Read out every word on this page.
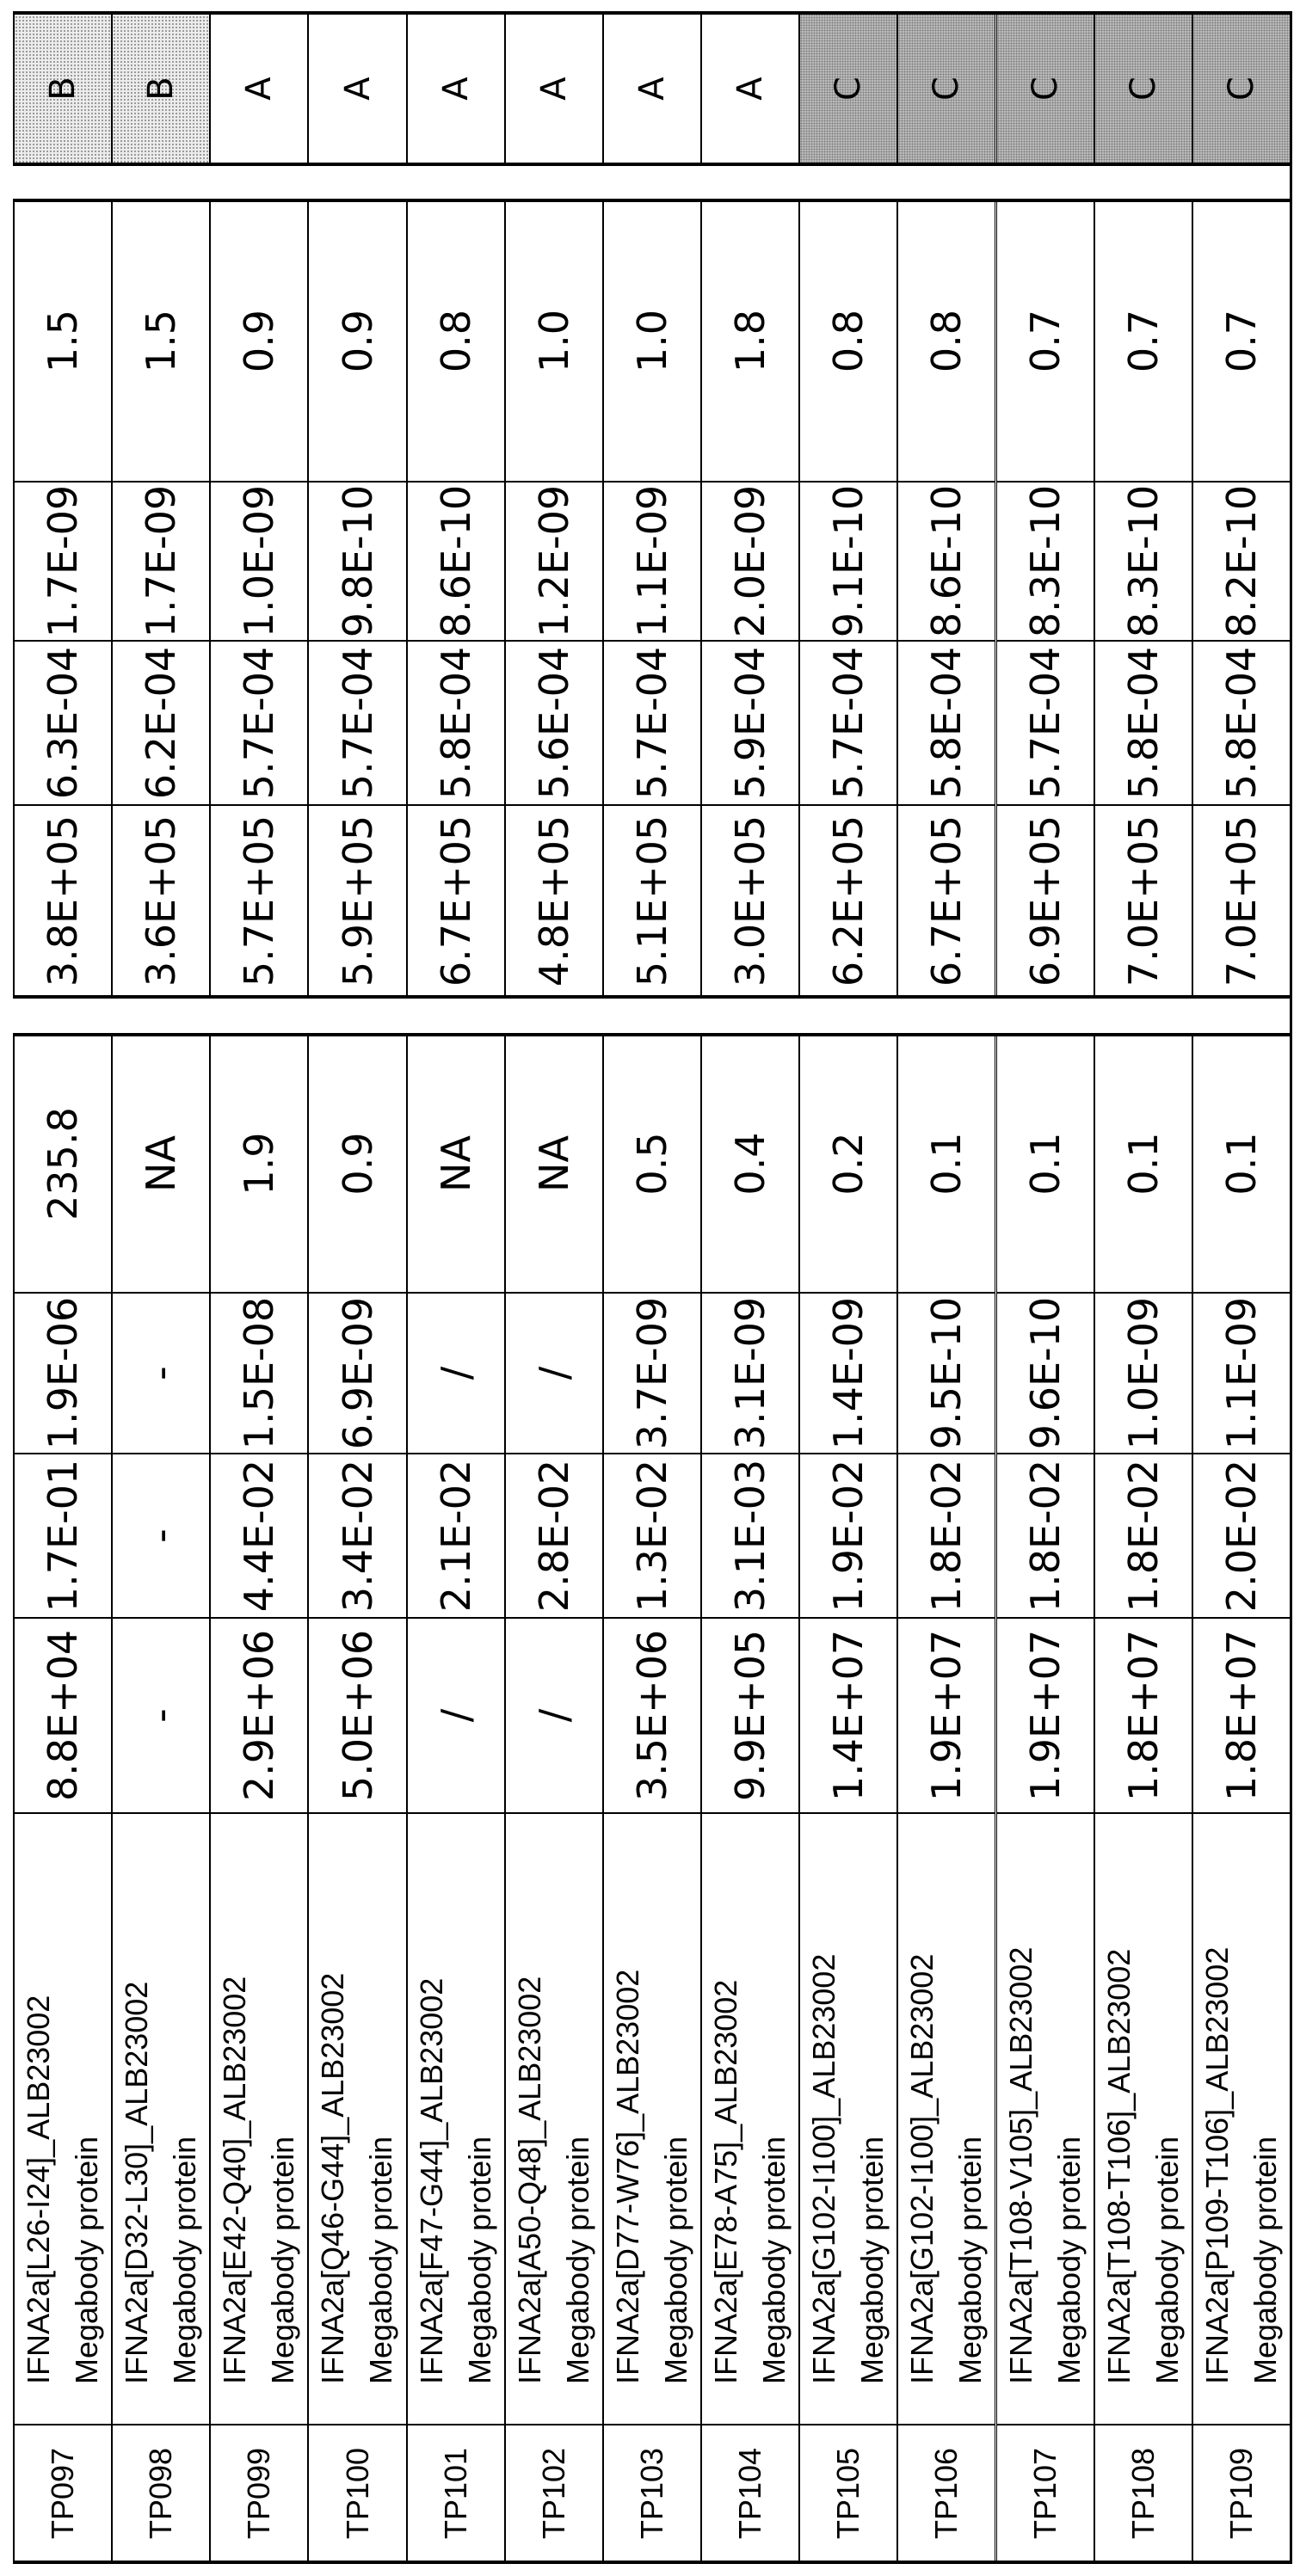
TP097
IFNA2a[L26-I24]_ALB23002 Megabody protein
8.8E+04
1.7E-01
1.9E-06
235.8
3.8E+05
6.3E-04
1.7E-09
1.5
B
TP098
IFNA2a[D32-L30]_ALB23002 Megabody protein
-
-
-
NA
3.6E+05
6.2E-04
1.7E-09
1.5
B
TP099
IFNA2a[E42-Q40]_ALB23002 Megabody protein
2.9E+06
4.4E-02
1.5E-08
1.9
5.7E+05
5.7E-04
1.0E-09
0.9
A
TP100
IFNA2a[Q46-G44]_ALB23002 Megabody protein
5.0E+06
3.4E-02
6.9E-09
0.9
5.9E+05
5.7E-04
9.8E-10
0.9
A
TP101
IFNA2a[F47-G44]_ALB23002 Megabody protein
/
2.1E-02
/
NA
6.7E+05
5.8E-04
8.6E-10
0.8
A
TP102
IFNA2a[A50-Q48]_ALB23002 Megabody protein
/
2.8E-02
/
NA
4.8E+05
5.6E-04
1.2E-09
1.0
A
TP103
IFNA2a[D77-W76]_ALB23002 Megabody protein
3.5E+06
1.3E-02
3.7E-09
0.5
5.1E+05
5.7E-04
1.1E-09
1.0
A
TP104
IFNA2a[E78-A75]_ALB23002 Megabody protein
9.9E+05
3.1E-03
3.1E-09
0.4
3.0E+05
5.9E-04
2.0E-09
1.8
A
TP105
IFNA2a[G102-I100]_ALB23002 Megabody protein
1.4E+07
1.9E-02
1.4E-09
0.2
6.2E+05
5.7E-04
9.1E-10
0.8
C
TP106
IFNA2a[G102-I100]_ALB23002 Megabody protein
1.9E+07
1.8E-02
9.5E-10
0.1
6.7E+05
5.8E-04
8.6E-10
0.8
C
TP107
IFNA2a[T108-V105]_ALB23002 Megabody protein
1.9E+07
1.8E-02
9.6E-10
0.1
6.9E+05
5.7E-04
8.3E-10
0.7
C
TP108
IFNA2a[T108-T106]_ALB23002 Megabody protein
1.8E+07
1.8E-02
1.0E-09
0.1
7.0E+05
5.8E-04
8.3E-10
0.7
C
TP109
IFNA2a[P109-T106]_ALB23002 Megabody protein
1.8E+07
2.0E-02
1.1E-09
0.1
7.0E+05
5.8E-04
8.2E-10
0.7
C
